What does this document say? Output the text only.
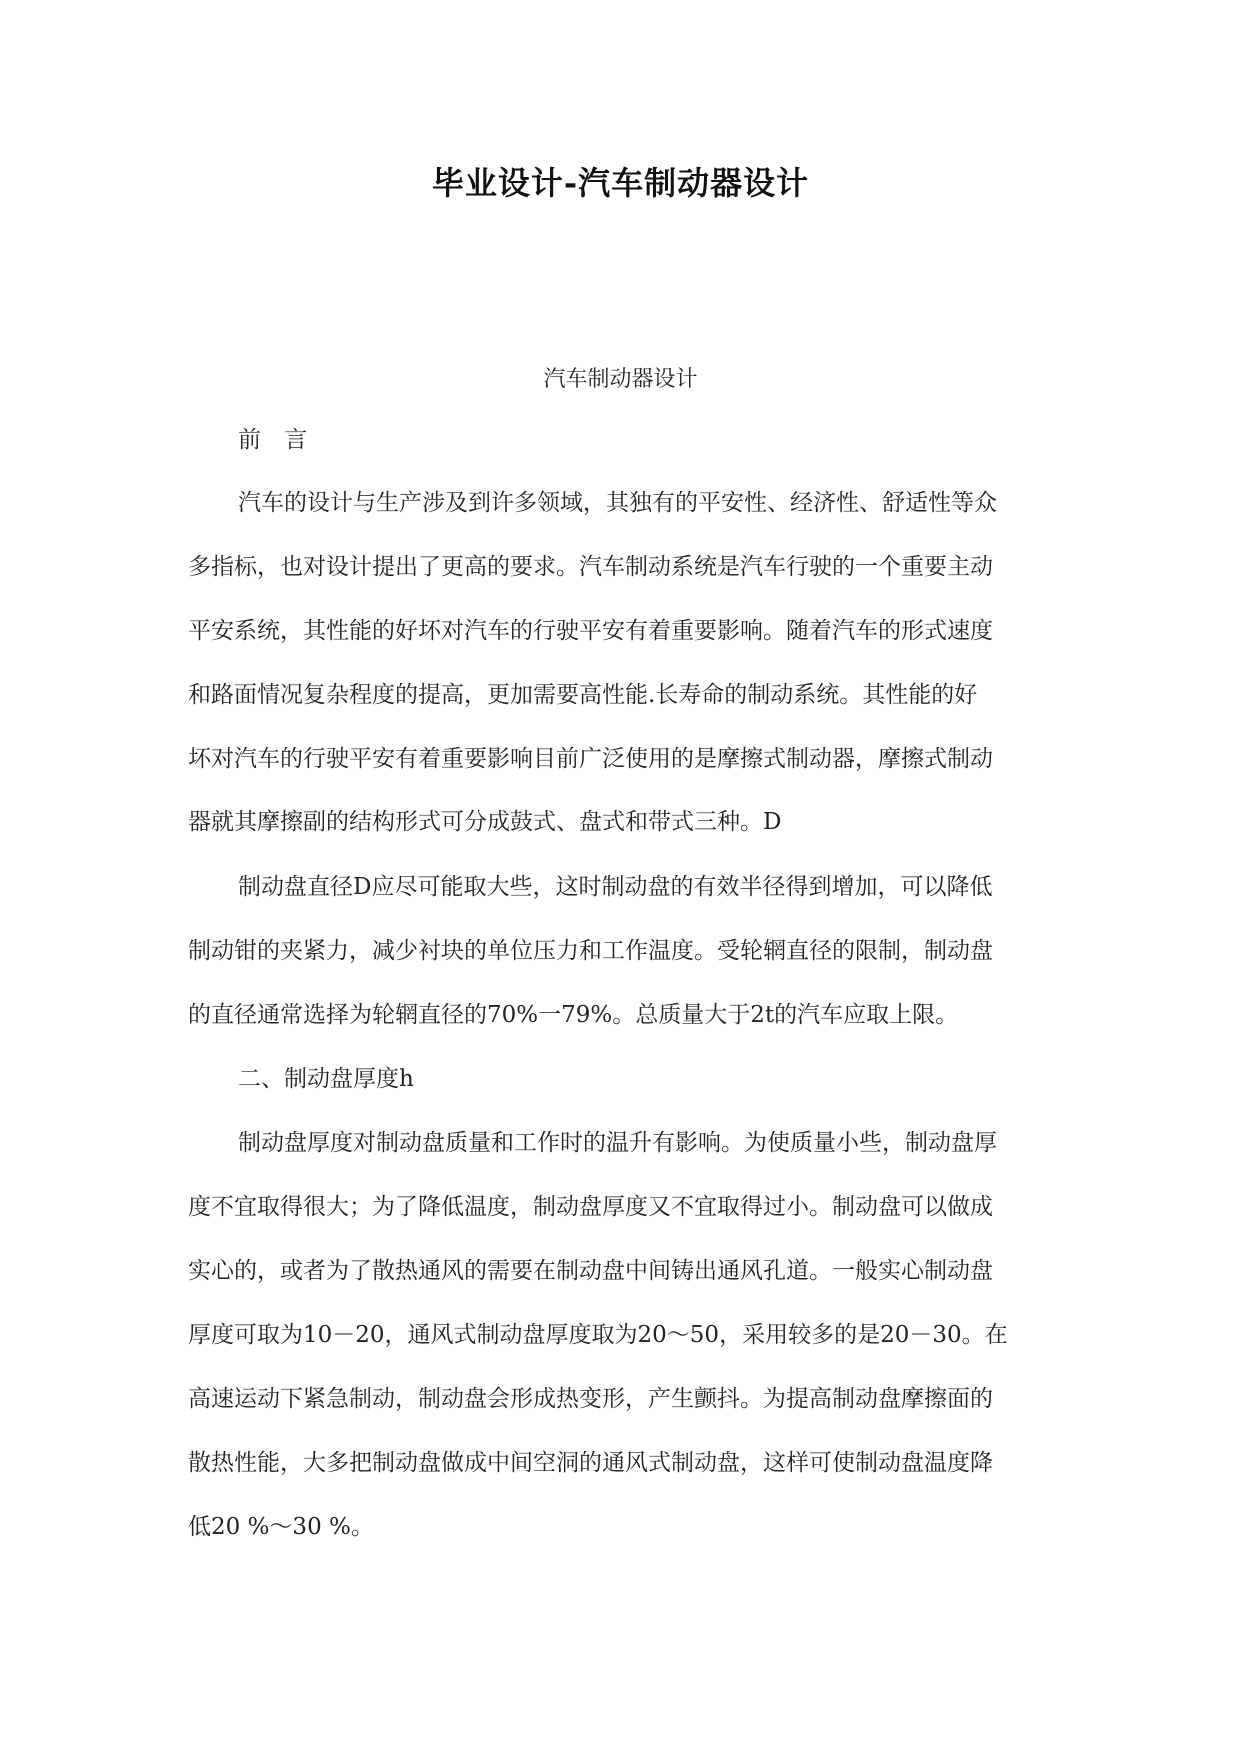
毕业设计-汽车制动器设计
汽车制动器设计
前 言
汽车的设计与生产涉及到许多领域，其独有的平安性、经济性、舒适性等众
多指标，也对设计提出了更高的要求。汽车制动系统是汽车行驶的一个重要主动
平安系统，其性能的好坏对汽车的行驶平安有着重要影响。随着汽车的形式速度
和路面情况复杂程度的提高，更加需要高性能.长寿命的制动系统。其性能的好
坏对汽车的行驶平安有着重要影响目前广泛使用的是摩擦式制动器，摩擦式制动
器就其摩擦副的结构形式可分成鼓式、盘式和带式三种。D
制动盘直径D应尽可能取大些，这时制动盘的有效半径得到增加，可以降低
制动钳的夹紧力，减少衬块的单位压力和工作温度。受轮辋直径的限制，制动盘
的直径通常选择为轮辋直径的70%一79%。总质量大于2t的汽车应取上限。
二、制动盘厚度h
制动盘厚度对制动盘质量和工作时的温升有影响。为使质量小些，制动盘厚
度不宜取得很大；为了降低温度，制动盘厚度又不宜取得过小。制动盘可以做成
实心的，或者为了散热通风的需要在制动盘中间铸出通风孔道。一般实心制动盘
厚度可取为10－20，通风式制动盘厚度取为20～50，采用较多的是20－30。在
高速运动下紧急制动，制动盘会形成热变形，产生颤抖。为提高制动盘摩擦面的
散热性能，大多把制动盘做成中间空洞的通风式制动盘，这样可使制动盘温度降
低20 %～30 %。
